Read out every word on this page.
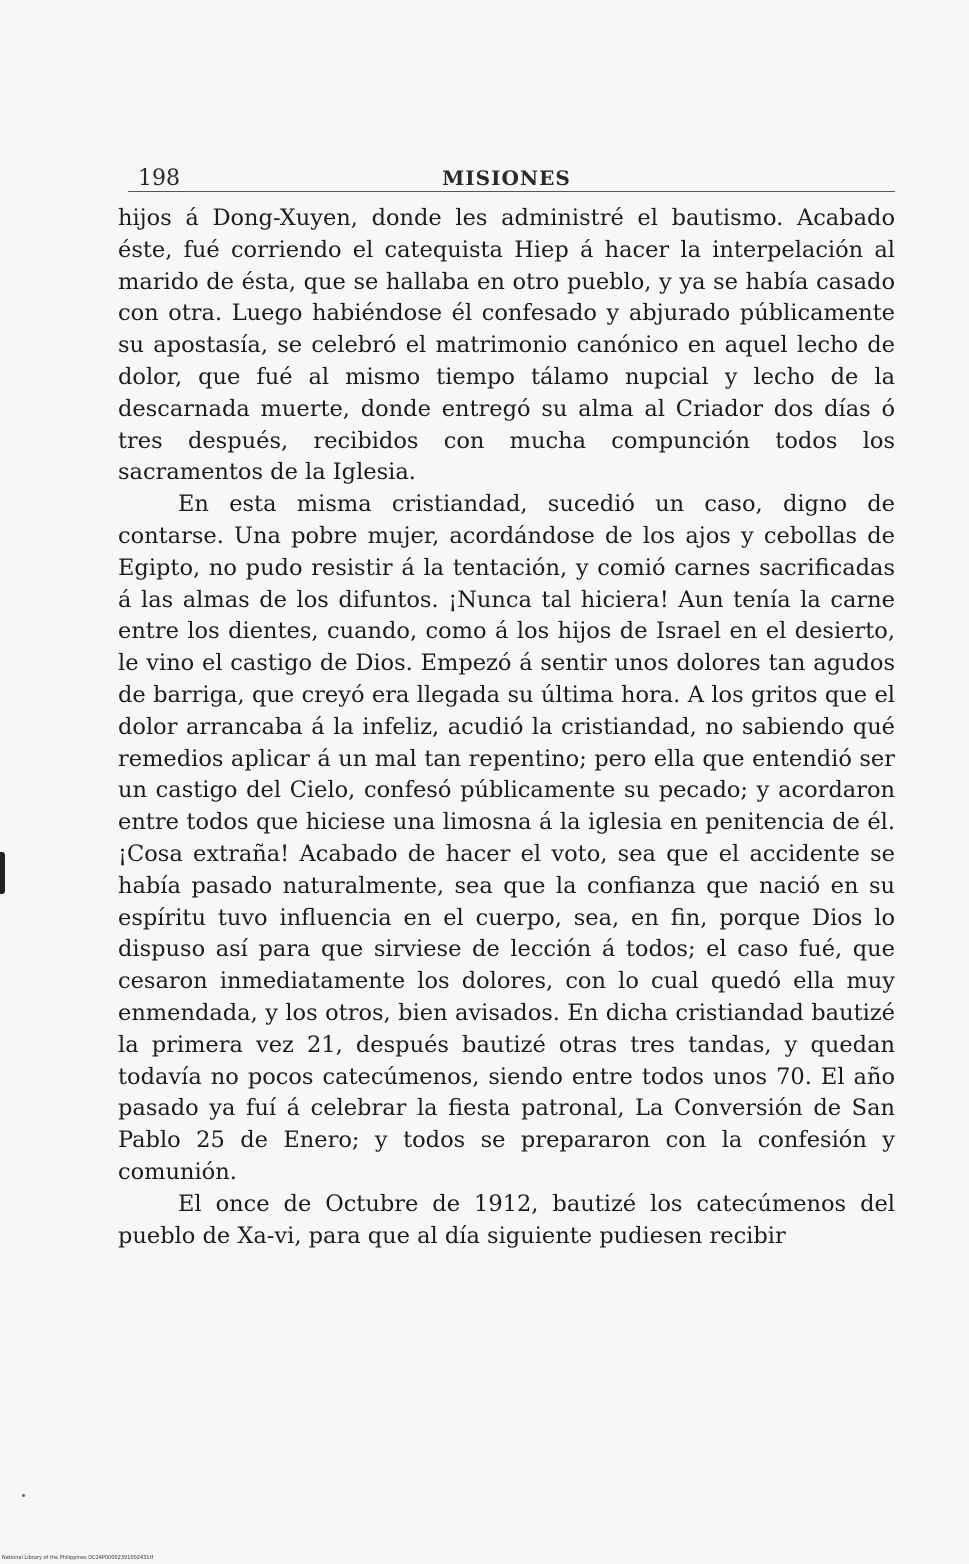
198	MISIONES

hijos á Dong-Xuyen, donde les administré el bautismo. Acabado éste, fué corriendo el catequista Hiep á hacer la interpelación al marido de ésta, que se hallaba en otro pueblo, y ya se había casado con otra. Luego habiéndose él confesado y abjurado públicamente su apostasía, se celebró el matrimonio canónico en aquel lecho de dolor, que fué al mismo tiempo tálamo nupcial y lecho de la descarnada muerte, donde entregó su alma al Criador dos días ó tres después, recibidos con mucha compunción todos los sacramentos de la Iglesia.

En esta misma cristiandad, sucedió un caso, digno de contarse. Una pobre mujer, acordándose de los ajos y cebollas de Egipto, no pudo resistir á la tentación, y comió carnes sacrificadas á las almas de los difuntos. ¡Nunca tal hiciera! Aun tenía la carne entre los dientes, cuando, como á los hijos de Israel en el desierto, le vino el castigo de Dios. Empezó á sentir unos dolores tan agudos de barriga, que creyó era llegada su última hora. A los gritos que el dolor arrancaba á la infeliz, acudió la cristiandad, no sabiendo qué remedios aplicar á un mal tan repentino; pero ella que entendió ser un castigo del Cielo, confesó públicamente su pecado; y acordaron entre todos que hiciese una limosna á la iglesia en penitencia de él. ¡Cosa extraña! Acabado de hacer el voto, sea que el accidente se había pasado naturalmente, sea que la confianza que nació en su espíritu tuvo influencia en el cuerpo, sea, en fin, porque Dios lo dispuso así para que sirviese de lección á todos; el caso fué, que cesaron inmediatamente los dolores, con lo cual quedó ella muy enmendada, y los otros, bien avisados. En dicha cristiandad bautizé la primera vez 21, después bautizé otras tres tandas, y quedan todavía no pocos catecúmenos, siendo entre todos unos 70. El año pasado ya fuí á celebrar la fiesta patronal, La Conversión de San Pablo 25 de Enero; y todos se prepararon con la confesión y comunión.

El once de Octubre de 1912, bautizé los catecúmenos del pueblo de Xa-vi, para que al día siguiente pudiesen recibir

National Library of the Philippines DC24P00002391002431tf
